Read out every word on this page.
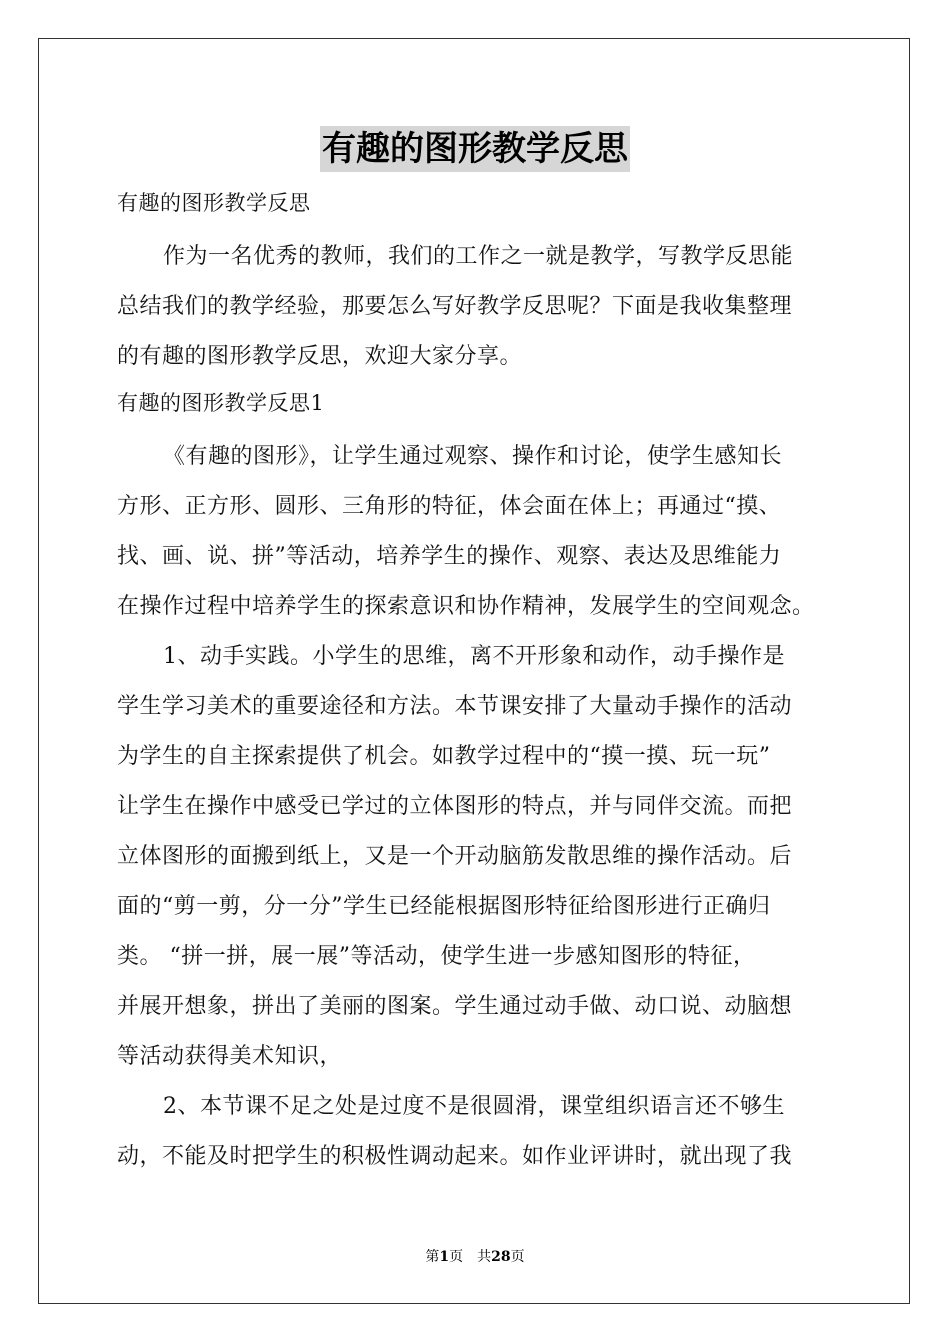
有趣的图形教学反思
有趣的图形教学反思
作为一名优秀的教师，我们的工作之一就是教学，写教学反思能
总结我们的教学经验，那要怎么写好教学反思呢？下面是我收集整理
的有趣的图形教学反思，欢迎大家分享。
有趣的图形教学反思1
《有趣的图形》，让学生通过观察、操作和讨论，使学生感知长
方形、正方形、圆形、三角形的特征，体会面在体上；再通过“摸、
找、画、说、拼”等活动，培养学生的操作、观察、表达及思维能力
在操作过程中培养学生的探索意识和协作精神，发展学生的空间观念。
1、动手实践。小学生的思维，离不开形象和动作，动手操作是
学生学习美术的重要途径和方法。本节课安排了大量动手操作的活动
为学生的自主探索提供了机会。如教学过程中的“摸一摸、玩一玩”
让学生在操作中感受已学过的立体图形的特点，并与同伴交流。而把
立体图形的面搬到纸上，又是一个开动脑筋发散思维的操作活动。后
面的“剪一剪，分一分”学生已经能根据图形特征给图形进行正确归
类。 “拼一拼，展一展”等活动，使学生进一步感知图形的特征，
并展开想象，拼出了美丽的图案。学生通过动手做、动口说、动脑想
等活动获得美术知识，
2、本节课不足之处是过度不是很圆滑，课堂组织语言还不够生
动，不能及时把学生的积极性调动起来。如作业评讲时，就出现了我
第1页　共28页
